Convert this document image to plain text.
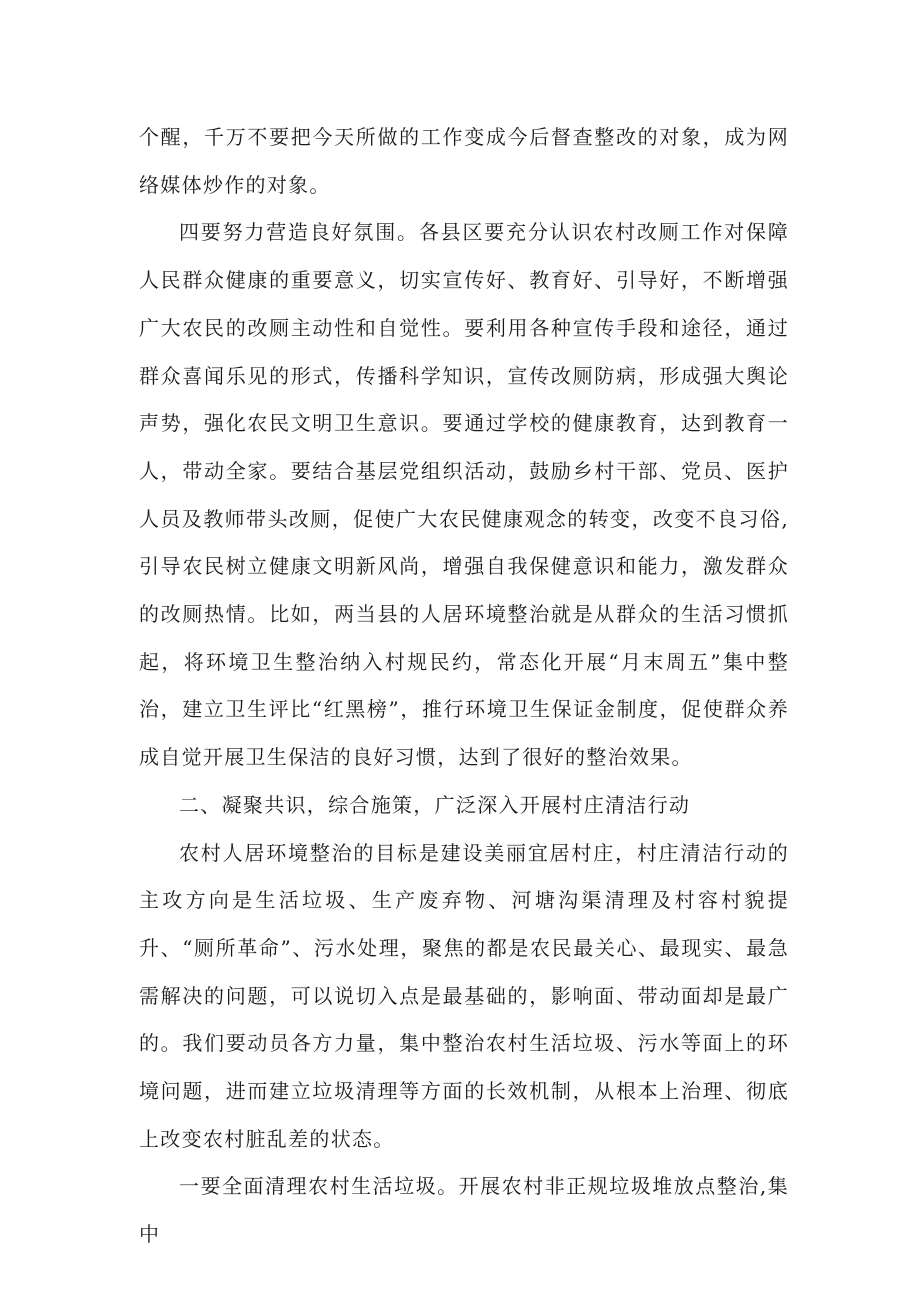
个醒，千万不要把今天所做的工作变成今后督查整改的对象，成为网络媒体炒作的对象。

四要努力营造良好氛围。各县区要充分认识农村改厕工作对保障人民群众健康的重要意义，切实宣传好、教育好、引导好，不断增强广大农民的改厕主动性和自觉性。要利用各种宣传手段和途径，通过群众喜闻乐见的形式，传播科学知识，宣传改厕防病，形成强大舆论声势，强化农民文明卫生意识。要通过学校的健康教育，达到教育一人，带动全家。要结合基层党组织活动，鼓励乡村干部、党员、医护人员及教师带头改厕，促使广大农民健康观念的转变，改变不良习俗,引导农民树立健康文明新风尚，增强自我保健意识和能力，激发群众的改厕热情。比如，两当县的人居环境整治就是从群众的生活习惯抓起，将环境卫生整治纳入村规民约，常态化开展“月末周五”集中整治，建立卫生评比“红黑榜”，推行环境卫生保证金制度，促使群众养成自觉开展卫生保洁的良好习惯，达到了很好的整治效果。

二、凝聚共识，综合施策，广泛深入开展村庄清洁行动

农村人居环境整治的目标是建设美丽宜居村庄，村庄清洁行动的主攻方向是生活垃圾、生产废弃物、河塘沟渠清理及村容村貌提升、“厕所革命”、污水处理，聚焦的都是农民最关心、最现实、最急需解决的问题，可以说切入点是最基础的，影响面、带动面却是最广的。我们要动员各方力量，集中整治农村生活垃圾、污水等面上的环境问题，进而建立垃圾清理等方面的长效机制，从根本上治理、彻底上改变农村脏乱差的状态。

一要全面清理农村生活垃圾。开展农村非正规垃圾堆放点整治,集中
